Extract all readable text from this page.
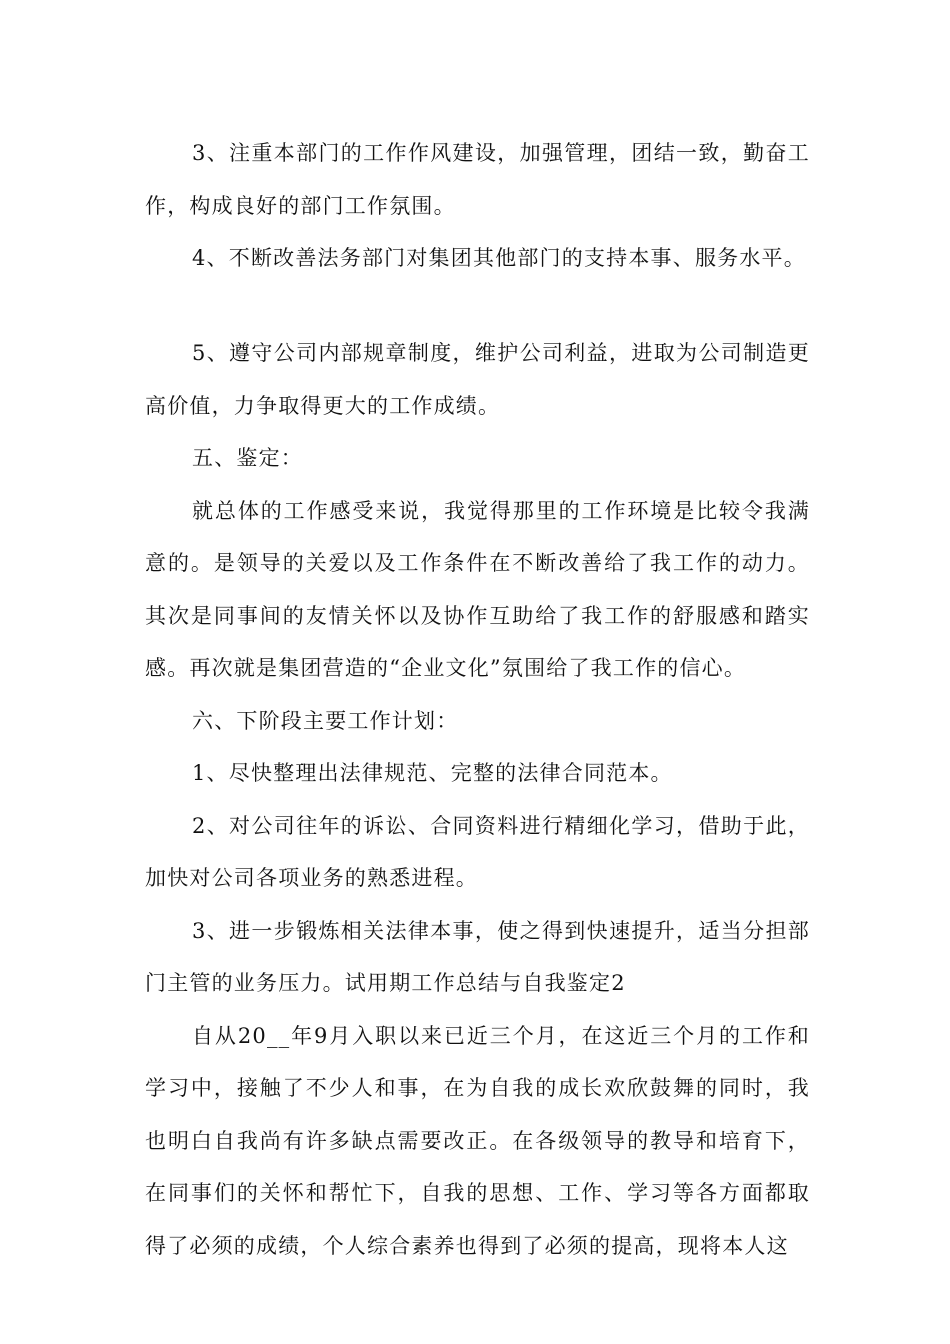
3、注重本部门的工作作风建设，加强管理，团结一致，勤奋工作，构成良好的部门工作氛围。

4、不断改善法务部门对集团其他部门的支持本事、服务水平。

5、遵守公司内部规章制度，维护公司利益，进取为公司制造更高价值，力争取得更大的工作成绩。

五、鉴定：

就总体的工作感受来说，我觉得那里的工作环境是比较令我满意的。是领导的关爱以及工作条件在不断改善给了我工作的动力。其次是同事间的友情关怀以及协作互助给了我工作的舒服感和踏实感。再次就是集团营造的“企业文化”氛围给了我工作的信心。

六、下阶段主要工作计划：

1、尽快整理出法律规范、完整的法律合同范本。

2、对公司往年的诉讼、合同资料进行精细化学习，借助于此，加快对公司各项业务的熟悉进程。

3、进一步锻炼相关法律本事，使之得到快速提升，适当分担部门主管的业务压力。试用期工作总结与自我鉴定2

自从20__年9月入职以来已近三个月，在这近三个月的工作和学习中，接触了不少人和事，在为自我的成长欢欣鼓舞的同时，我也明白自我尚有许多缺点需要改正。在各级领导的教导和培育下，在同事们的关怀和帮忙下，自我的思想、工作、学习等各方面都取得了必须的成绩，个人综合素养也得到了必须的提高，现将本人这
